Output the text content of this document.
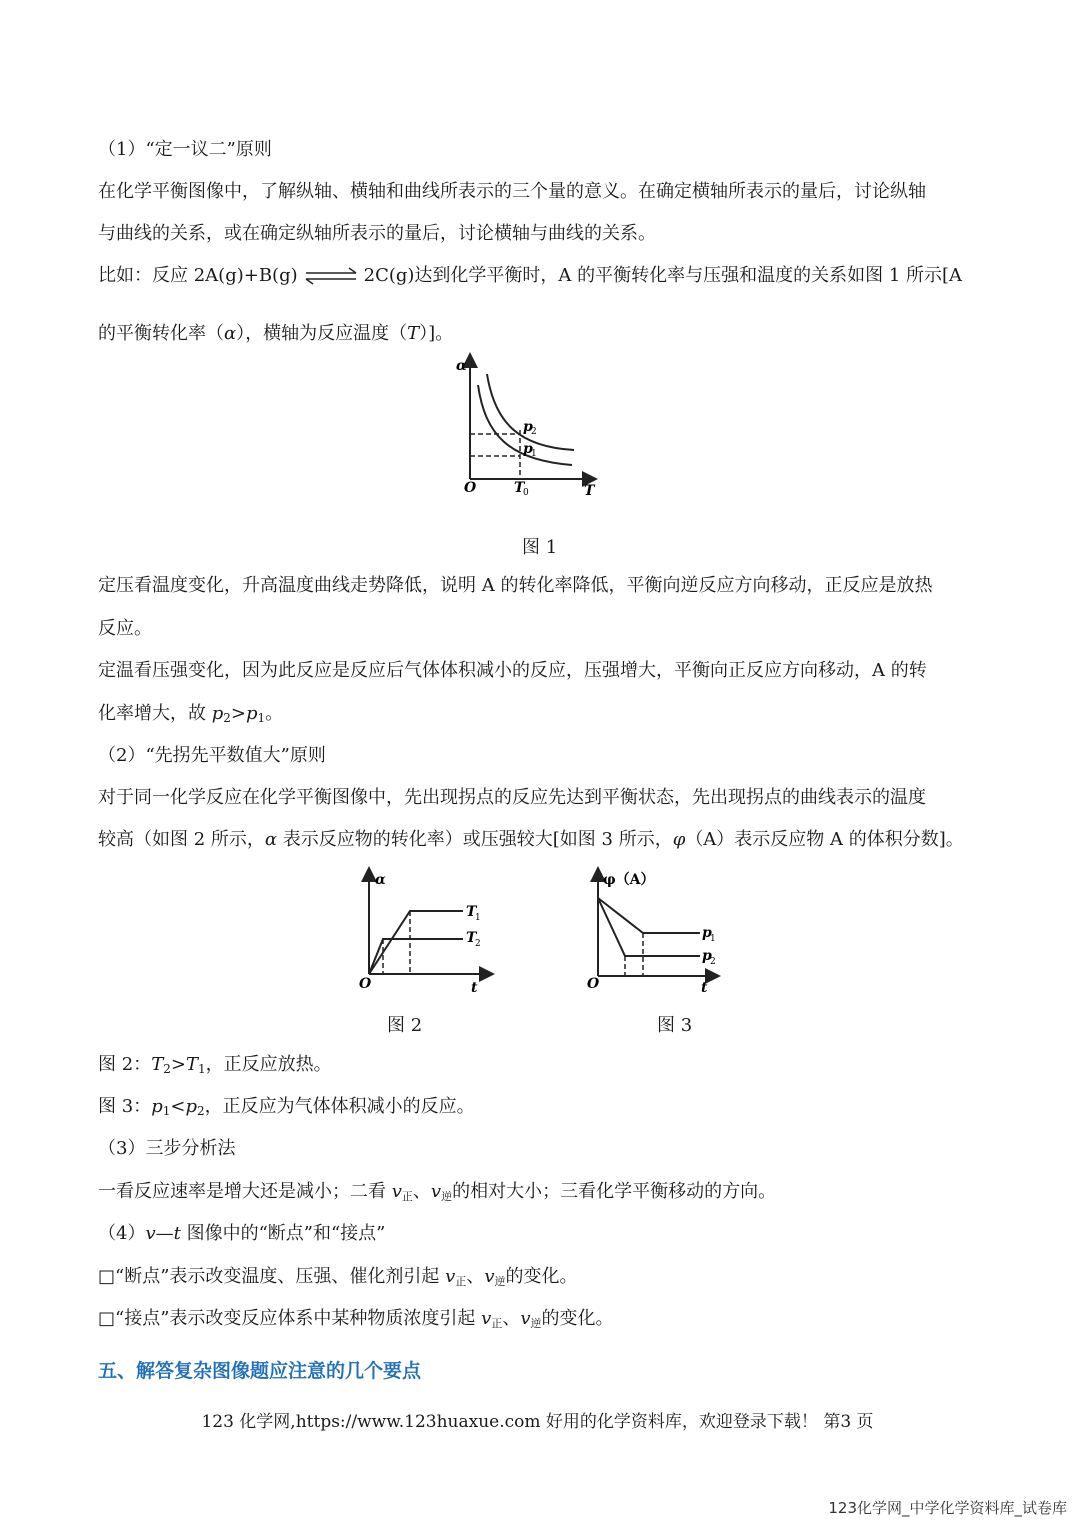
（1）“定一议二”原则
在化学平衡图像中，了解纵轴、横轴和曲线所表示的三个量的意义。在确定横轴所表示的量后，讨论纵轴
与曲线的关系，或在确定纵轴所表示的量后，讨论横轴与曲线的关系。
比如：反应 2A(g)+B(g) ⇌ 2C(g)达到化学平衡时，A 的平衡转化率与压强和温度的关系如图 1 所示[A
的平衡转化率（α），横轴为反应温度（T）]。
α
O	T
T
0
p
2
p
1
图 1
定压看温度变化，升高温度曲线走势降低，说明 A 的转化率降低，平衡向逆反应方向移动，正反应是放热
反应。
定温看压强变化，因为此反应是反应后气体体积减小的反应，压强增大，平衡向正反应方向移动，A 的转
化率增大，故 $p_2>p_1$。
（2）“先拐先平数值大”原则
对于同一化学反应在化学平衡图像中，先出现拐点的反应先达到平衡状态，先出现拐点的曲线表示的温度
较高（如图 2 所示，α 表示反应物的转化率）或压强较大[如图 3 所示，φ（A）表示反应物 A 的体积分数]。
α
O	t
T
1
T
2
φ（A）
O	t
p
1
p
2
图 2	图 3
图 2：$T_2>T_1$，正反应放热。
图 3：$p_1<p_2$，正反应为气体体积减小的反应。
（3）三步分析法
一看反应速率是增大还是减小；二看 $v_正$、$v_逆$的相对大小；三看化学平衡移动的方向。
（4）v—t 图像中的“断点”和“接点”
□“断点”表示改变温度、压强、催化剂引起 $v_正$、$v_逆$的变化。
□“接点”表示改变反应体系中某种物质浓度引起 $v_正$、$v_逆$的变化。
五、解答复杂图像题应注意的几个要点
123 化学网,https://www.123huaxue.com 好用的化学资料库，欢迎登录下载！ 第3 页
123化学网_中学化学资料库_试卷库
